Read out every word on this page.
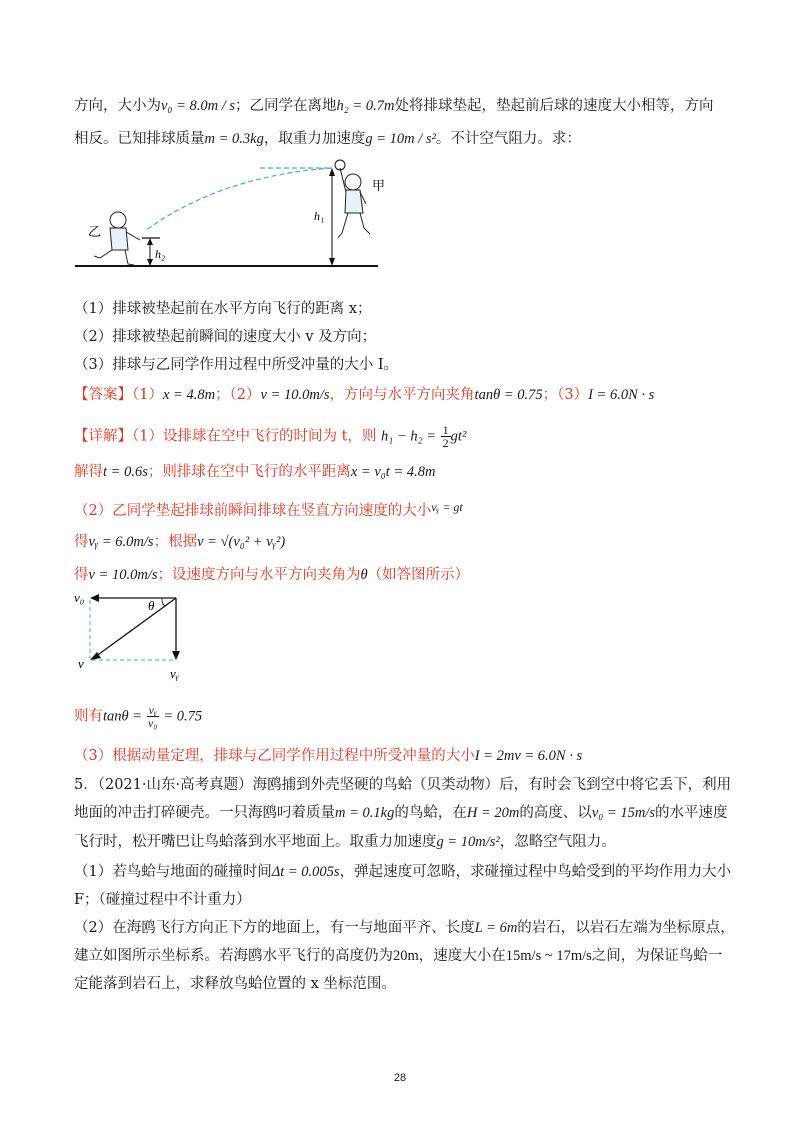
方向，大小为v₀ = 8.0m / s；乙同学在离地h₂ = 0.7m处将排球垫起，垫起前后球的速度大小相等，方向
相反。已知排球质量m = 0.3kg，取重力加速度g = 10m / s²。不计空气阻力。求：
h₁
甲
乙
h₂
（1）排球被垫起前在水平方向飞行的距离 x；
（2）排球被垫起前瞬间的速度大小 v 及方向；
（3）排球与乙同学作用过程中所受冲量的大小 I。
【答案】（1）x = 4.8m；（2）v = 10.0m/s，方向与水平方向夹角tanθ = 0.75；（3）I = 6.0N · s
【详解】（1）设排球在空中飞行的时间为 t，则 $h_1 - h_2 = \frac{1}{2} gt^2$
解得t = 0.6s；则排球在空中飞行的水平距离x = v₀t = 4.8m
（2）乙同学垫起排球前瞬间排球在竖直方向速度的大小$^{vᵧ = gt}$
得vᵧ = 6.0m/s；根据v = √(v₀² + vᵧ²)
得v = 10.0m/s；设速度方向与水平方向夹角为θ（如答图所示）
v₀
θ
v
vᵧ
则有$\tan\theta = \frac{\text{vᵧ}}{\text{v₀}} = 0.75$
（3）根据动量定理，排球与乙同学作用过程中所受冲量的大小I = 2mv = 6.0N · s
5．（2021·山东·高考真题）海鸥捕到外壳坚硬的鸟蛤（贝类动物）后，有时会飞到空中将它丢下，利用
地面的冲击打碎硬壳。一只海鸥叼着质量m = 0.1kg的鸟蛤，在H = 20m的高度、以v₀ = 15m/s的水平速度
飞行时，松开嘴巴让鸟蛤落到水平地面上。取重力加速度g = 10m/s²，忽略空气阻力。
（1）若鸟蛤与地面的碰撞时间Δt = 0.005s，弹起速度可忽略，求碰撞过程中鸟蛤受到的平均作用力大小
F；（碰撞过程中不计重力）
（2）在海鸥飞行方向正下方的地面上，有一与地面平齐、长度L = 6m的岩石，以岩石左端为坐标原点，
建立如图所示坐标系。若海鸥水平飞行的高度仍为20m，速度大小在15m/s ~ 17m/s之间，为保证鸟蛤一
定能落到岩石上，求释放鸟蛤位置的 x 坐标范围。
28
